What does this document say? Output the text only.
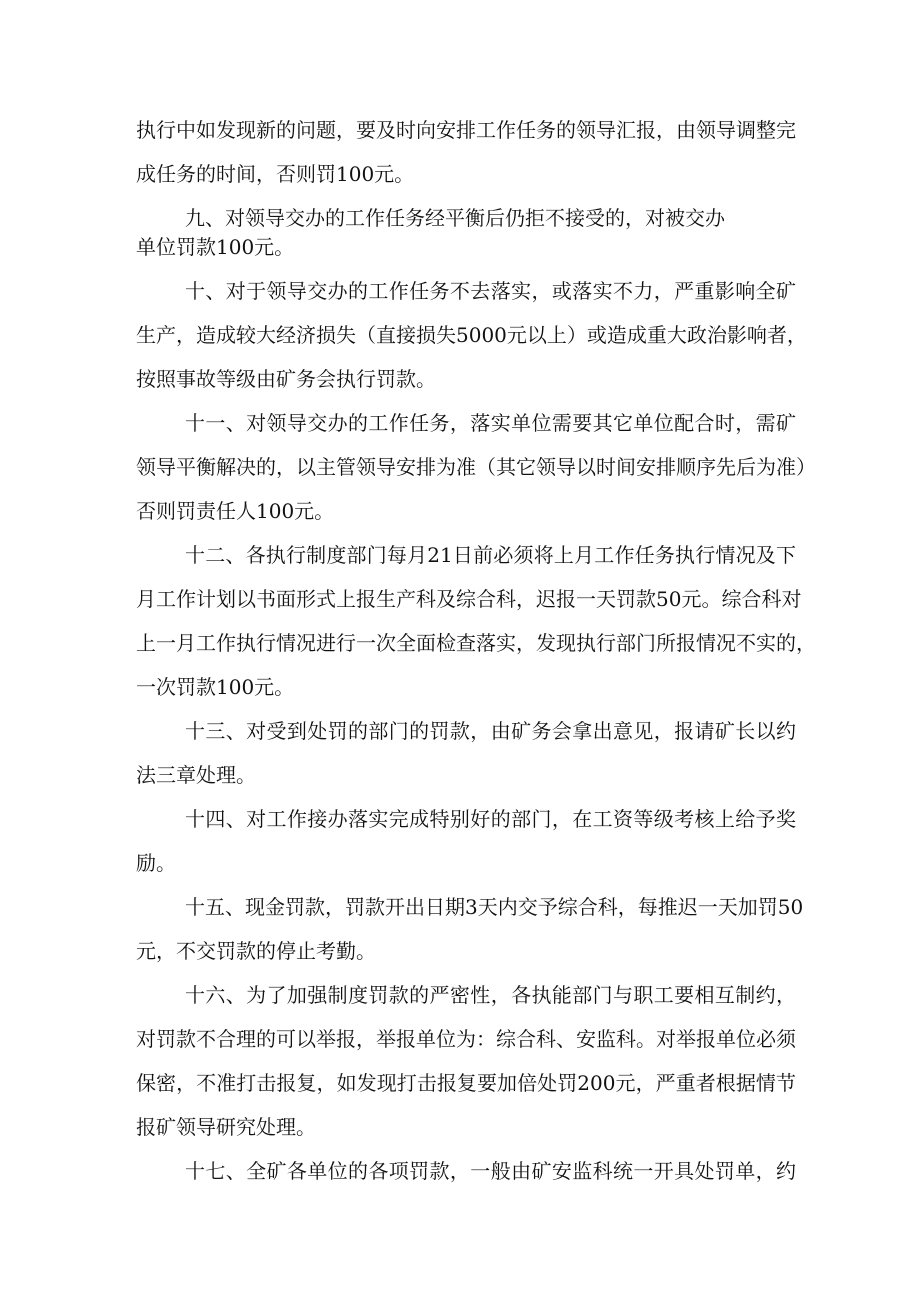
执行中如发现新的问题，要及时向安排工作任务的领导汇报，由领导调整完
成任务的时间，否则罚100元。
九、对领导交办的工作任务经平衡后仍拒不接受的，对被交办
单位罚款100元。
十、对于领导交办的工作任务不去落实，或落实不力，严重影响全矿
生产，造成较大经济损失（直接损失5000元以上）或造成重大政治影响者，
按照事故等级由矿务会执行罚款。
十一、对领导交办的工作任务，落实单位需要其它单位配合时，需矿
领导平衡解决的，以主管领导安排为准（其它领导以时间安排顺序先后为准）
否则罚责任人100元。
十二、各执行制度部门每月21日前必须将上月工作任务执行情况及下
月工作计划以书面形式上报生产科及综合科，迟报一天罚款50元。综合科对
上一月工作执行情况进行一次全面检查落实，发现执行部门所报情况不实的，
一次罚款100元。
十三、对受到处罚的部门的罚款，由矿务会拿出意见，报请矿长以约
法三章处理。
十四、对工作接办落实完成特别好的部门，在工资等级考核上给予奖
励。
十五、现金罚款，罚款开出日期3天内交予综合科，每推迟一天加罚50
元，不交罚款的停止考勤。
十六、为了加强制度罚款的严密性，各执能部门与职工要相互制约，
对罚款不合理的可以举报，举报单位为：综合科、安监科。对举报单位必须
保密，不准打击报复，如发现打击报复要加倍处罚200元，严重者根据情节
报矿领导研究处理。
十七、全矿各单位的各项罚款，一般由矿安监科统一开具处罚单，约
